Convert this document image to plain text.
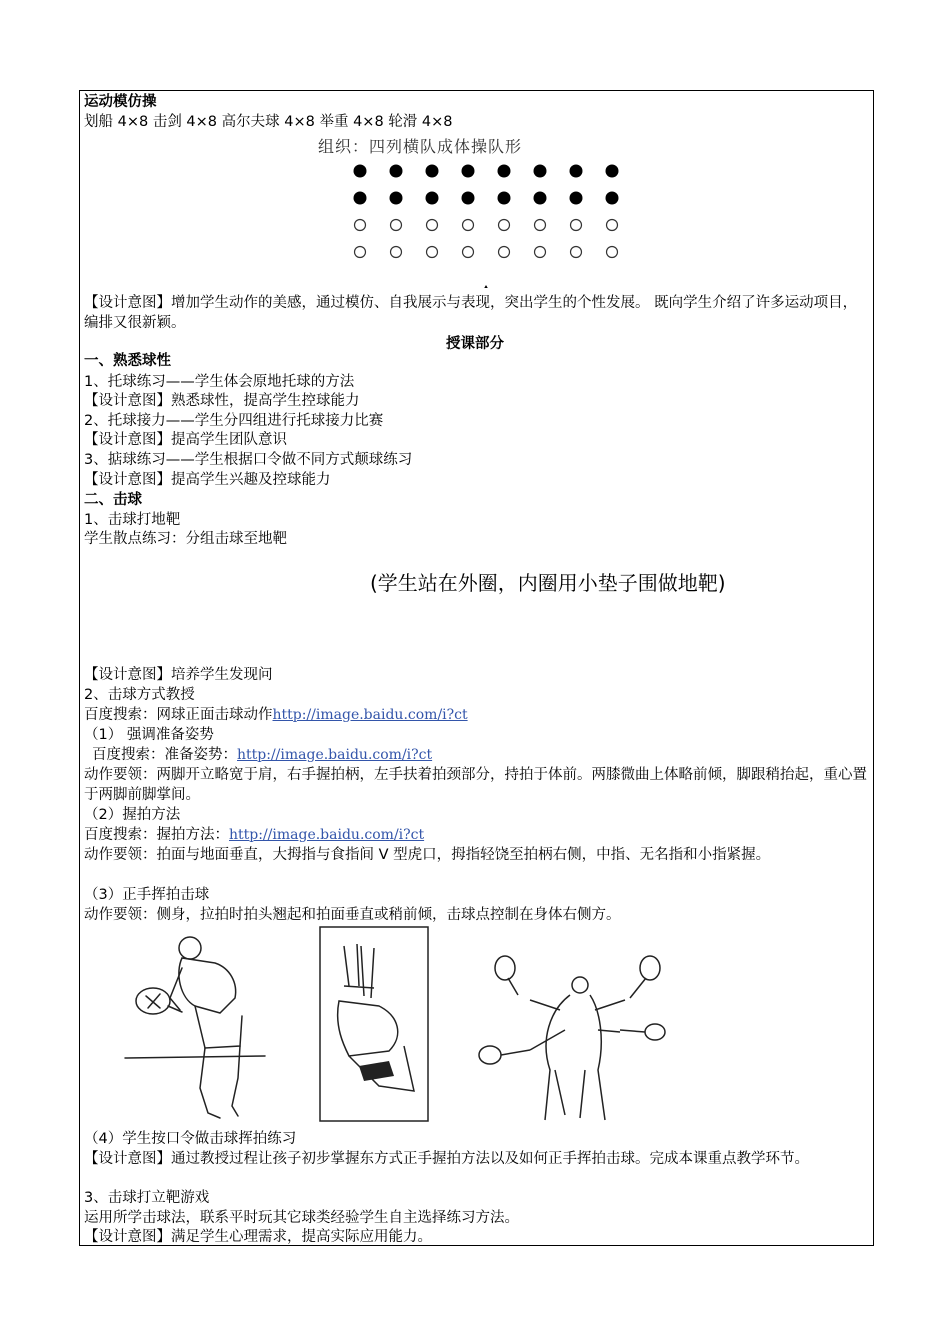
运动模仿操
划船 4×8 击剑 4×8 高尔夫球 4×8 举重 4×8 轮滑 4×8
组织：四列横队成体操队形
【设计意图】增加学生动作的美感，通过模仿、自我展示与表现，突出学生的个性发展。 既向学生介绍了许多运动项目，编排又很新颖。
授课部分
一、熟悉球性
1、托球练习——学生体会原地托球的方法
【设计意图】熟悉球性，提高学生控球能力
2、托球接力——学生分四组进行托球接力比赛
【设计意图】提高学生团队意识
3、掂球练习——学生根据口令做不同方式颠球练习
【设计意图】提高学生兴趣及控球能力
二、击球
1、击球打地靶
学生散点练习：分组击球至地靶
(学生站在外圈，内圈用小垫子围做地靶)
【设计意图】培养学生发现问
2、击球方式教授
百度搜索：网球正面击球动作http://image.baidu.com/i?ct
（1） 强调准备姿势
百度搜索：准备姿势：http://image.baidu.com/i?ct
动作要领：两脚开立略宽于肩，右手握拍柄，左手扶着拍颈部分，持拍于体前。两膝微曲上体略前倾，脚跟稍抬起，重心置于两脚前脚掌间。
（2）握拍方法
百度搜索：握拍方法：http://image.baidu.com/i?ct
动作要领：拍面与地面垂直，大拇指与食指间 V 型虎口，拇指轻饶至拍柄右侧，中指、无名指和小指紧握。
（3）正手挥拍击球
动作要领：侧身，拉拍时拍头翘起和拍面垂直或稍前倾，击球点控制在身体右侧方。
（4）学生按口令做击球挥拍练习
【设计意图】通过教授过程让孩子初步掌握东方式正手握拍方法以及如何正手挥拍击球。完成本课重点教学环节。
3、击球打立靶游戏
运用所学击球法，联系平时玩其它球类经验学生自主选择练习方法。
【设计意图】满足学生心理需求，提高实际应用能力。
